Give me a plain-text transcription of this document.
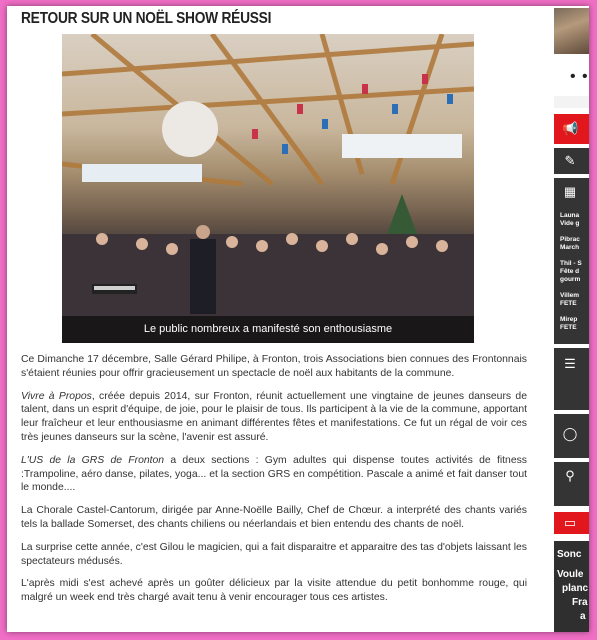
RETOUR SUR UN NOËL SHOW RÉUSSI
Le public nombreux a manifesté son enthousiasme

Ce Dimanche 17 décembre, Salle Gérard Philipe, à Fronton, trois Associations bien connues des Frontonnais s'étaient réunies pour offrir gracieusement un spectacle de noël aux habitants de la commune.

Vivre à Propos, créée depuis 2014, sur Fronton, réunit actuellement une vingtaine de jeunes danseurs de talent, dans un esprit d'équipe, de joie, pour le plaisir de tous. Ils participent à la vie de la commune, apportant leur fraîcheur et leur enthousiasme en animant différentes fêtes et manifestations. Ce fut un régal de voir ces très jeunes danseurs sur la scène, l'avenir est assuré.

L'US de la GRS de Fronton a deux sections : Gym adultes qui dispense toutes activités de fitness :Trampoline, aéro danse, pilates, yoga... et la section GRS en compétition. Pascale a animé et fait danser tout le monde....

La Chorale Castel-Cantorum, dirigée par Anne-Noëlle Bailly, Chef de Chœur. a interprété des chants variés tels la ballade Somerset, des chants chiliens ou néerlandais et bien entendu des chants de noël.

La surprise cette année, c'est Gilou le magicien, qui a fait disparaitre et apparaitre des tas d'objets laissant les spectateurs médusés.

L'après midi s'est achevé après un goûter délicieux par la visite attendue du petit bonhomme rouge, qui malgré un week end très chargé avait tenu à venir encourager tous ces artistes.

• •
📢
✎
▦
Launa
Vide g
Pibrac
March
Thil - S
Fête d
gourm
Villem
FETE
Mirep
FETE
☰
◯
⚲
▭
Sonc
Voule
planc
Fra
a
